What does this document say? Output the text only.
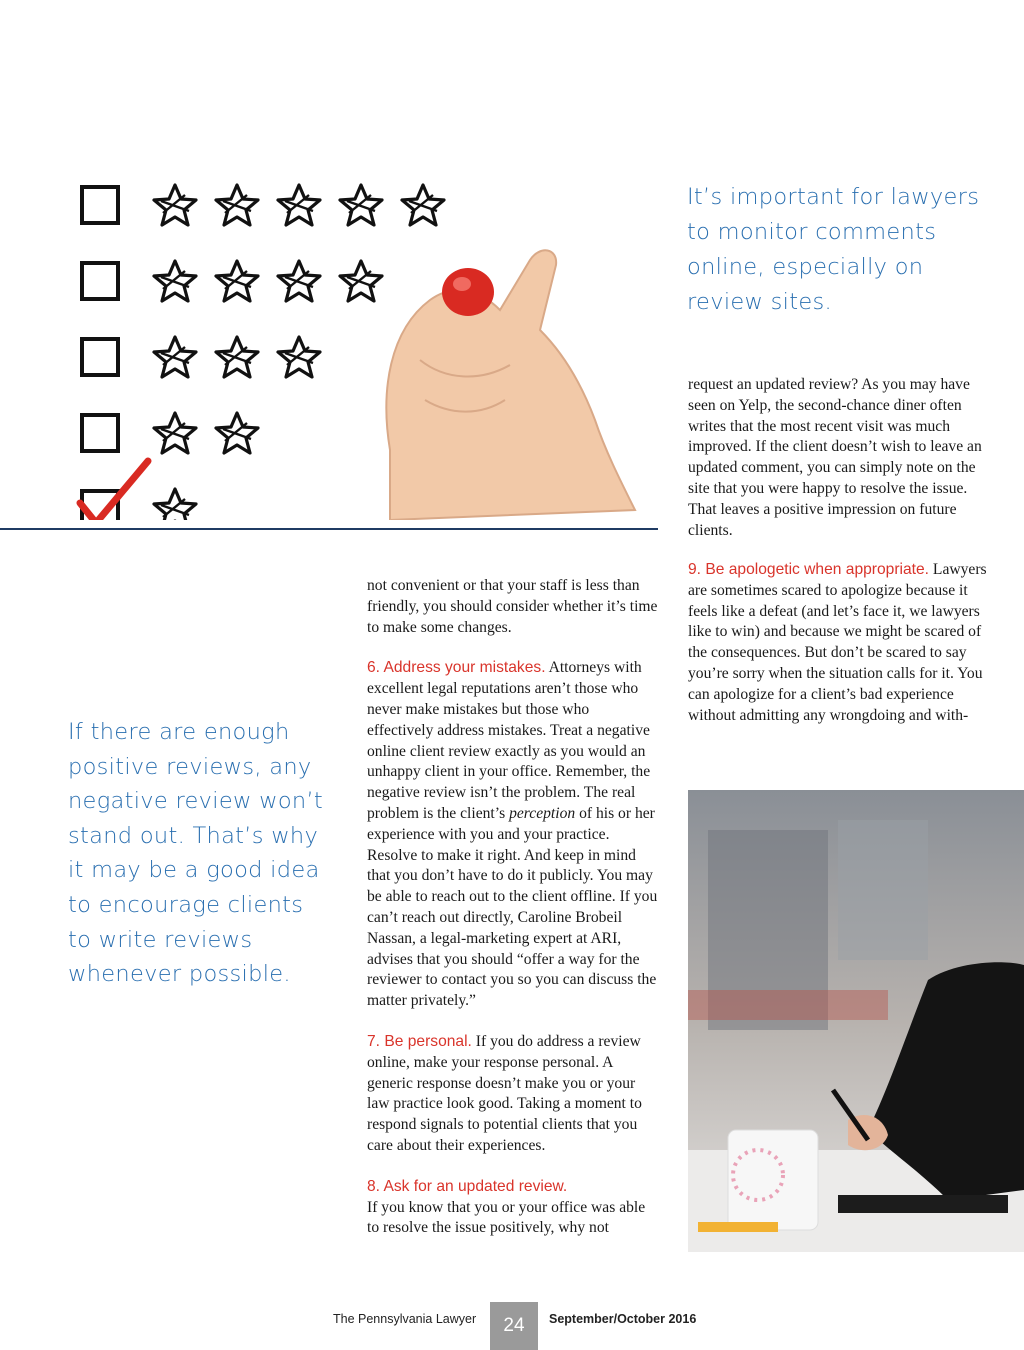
It’s important for lawyers to monitor comments online, especially on review sites.
If there are enough positive reviews, any negative review won’t stand out. That’s why it may be a good idea to encourage clients to write reviews whenever possible.

not convenient or that your staff is less than friendly, you should consider whether it’s time to make some changes.

6. Address your mistakes. Attorneys with excellent legal reputations aren’t those who never make mistakes but those who effectively address mistakes. Treat a negative online client review exactly as you would an unhappy client in your office. Remember, the negative review isn’t the problem. The real problem is the client’s perception of his or her experience with you and your practice. Resolve to make it right. And keep in mind that you don’t have to do it publicly. You may be able to reach out to the client offline. If you can’t reach out directly, Caroline Brobeil Nassan, a legal-marketing expert at ARI, advises that you should “offer a way for the reviewer to contact you so you can discuss the matter privately.”

7. Be personal. If you do address a review online, make your response personal. A generic response doesn’t make you or your law practice look good. Taking a moment to respond signals to potential clients that you care about their experiences.

8. Ask for an updated review.
If you know that you or your office was able to resolve the issue positively, why not

request an updated review? As you may have seen on Yelp, the second-chance diner often writes that the most recent visit was much improved. If the client doesn’t wish to leave an updated comment, you can simply note on the site that you were happy to resolve the issue. That leaves a positive impression on future clients.

9. Be apologetic when appropriate. Lawyers are sometimes scared to apologize because it feels like a defeat (and let’s face it, we lawyers like to win) and because we might be scared of the consequences. But don’t be scared to say you’re sorry when the situation calls for it. You can apologize for a client’s bad experience without admitting any wrongdoing and with-

The Pennsylvania Lawyer	24	September/October 2016
